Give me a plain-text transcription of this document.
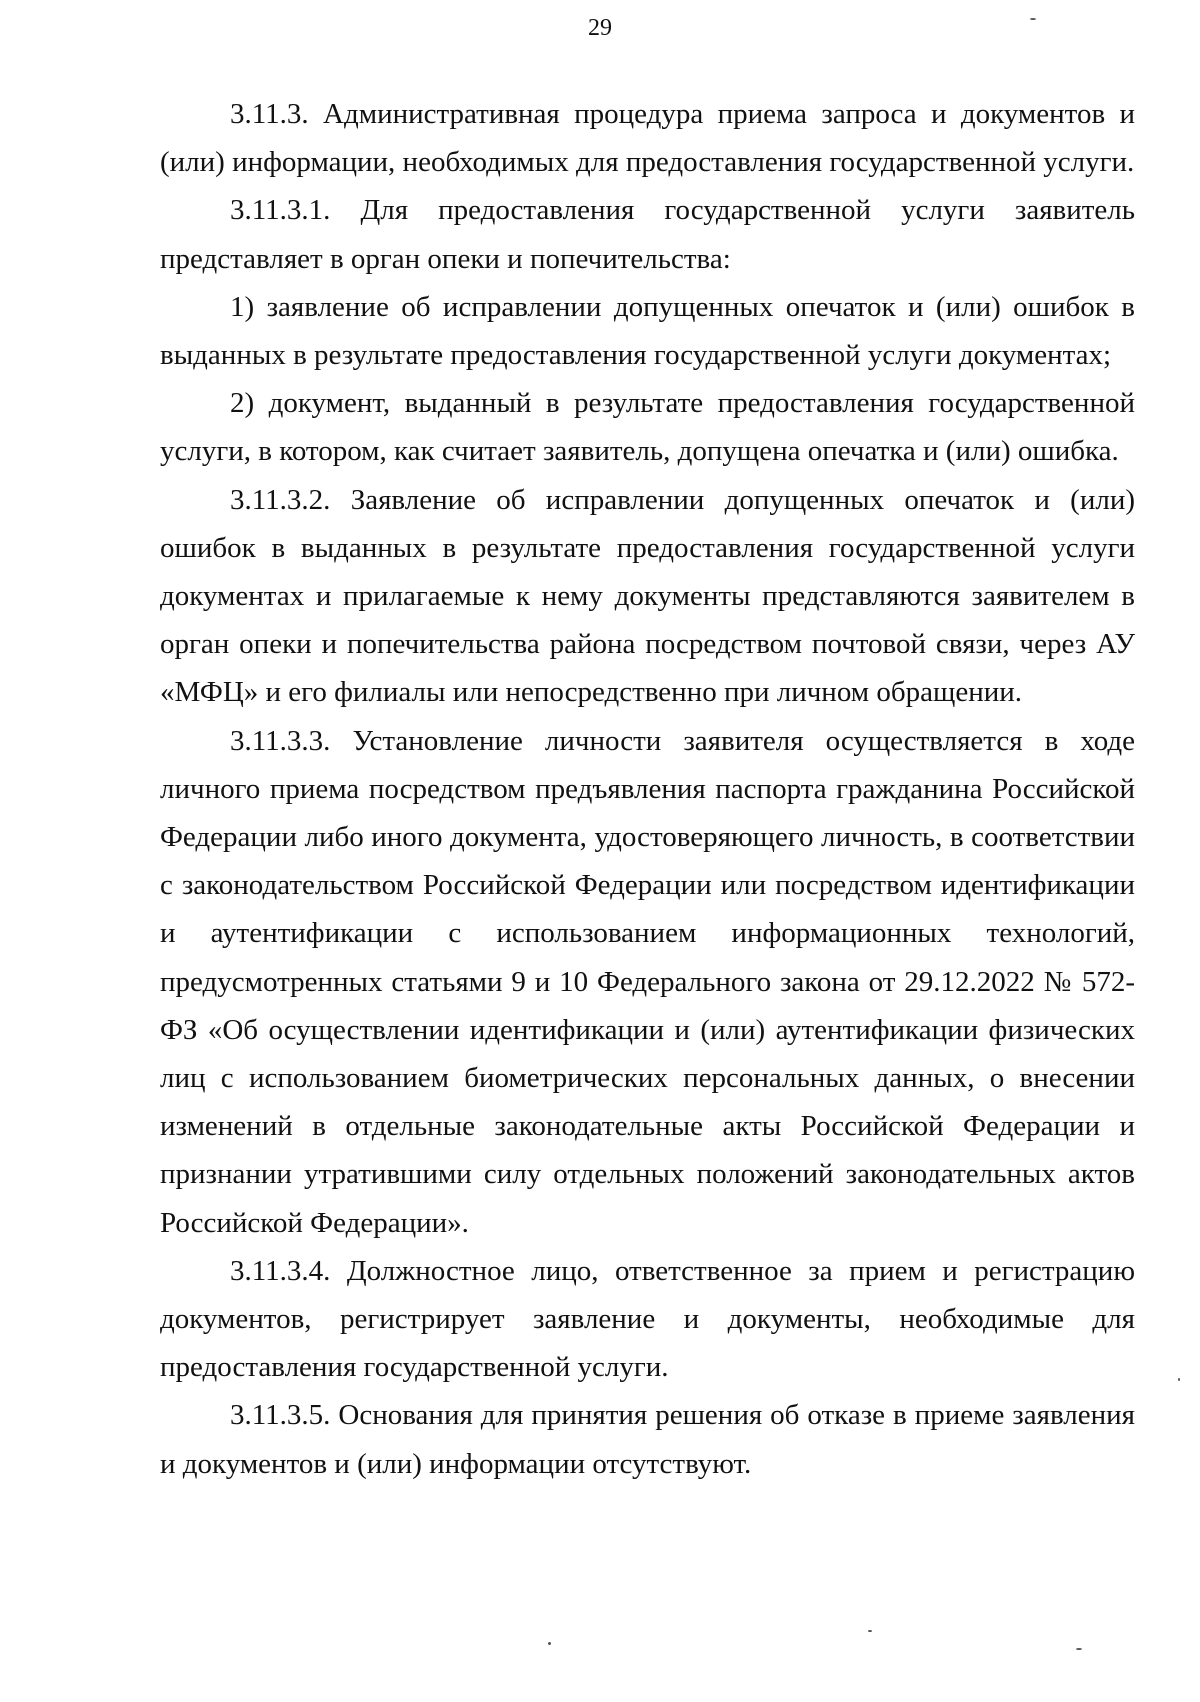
29

3.11.3. Административная процедура приема запроса и документов и (или) информации, необходимых для предоставления государственной услуги.

3.11.3.1. Для предоставления государственной услуги заявитель представляет в орган опеки и попечительства:

1) заявление об исправлении допущенных опечаток и (или) ошибок в выданных в результате предоставления государственной услуги документах;

2) документ, выданный в результате предоставления государственной услуги, в котором, как считает заявитель, допущена опечатка и (или) ошибка.

3.11.3.2. Заявление об исправлении допущенных опечаток и (или) ошибок в выданных в результате предоставления государственной услуги документах и прилагаемые к нему документы представляются заявителем в орган опеки и попечительства района посредством почтовой связи, через АУ «МФЦ» и его филиалы или непосредственно при личном обращении.

3.11.3.3. Установление личности заявителя осуществляется в ходе личного приема посредством предъявления паспорта гражданина Российской Федерации либо иного документа, удостоверяющего личность, в соответствии с законодательством Российской Федерации или посредством идентификации и аутентификации с использованием информационных технологий, предусмотренных статьями 9 и 10 Федерального закона от 29.12.2022 № 572-ФЗ «Об осуществлении идентификации и (или) аутентификации физических лиц с использованием биометрических персональных данных, о внесении изменений в отдельные законодательные акты Российской Федерации и признании утратившими силу отдельных положений законодательных актов Российской Федерации».

3.11.3.4. Должностное лицо, ответственное за прием и регистрацию документов, регистрирует заявление и документы, необходимые для предоставления государственной услуги.

3.11.3.5. Основания для принятия решения об отказе в приеме заявления и документов и (или) информации отсутствуют.
